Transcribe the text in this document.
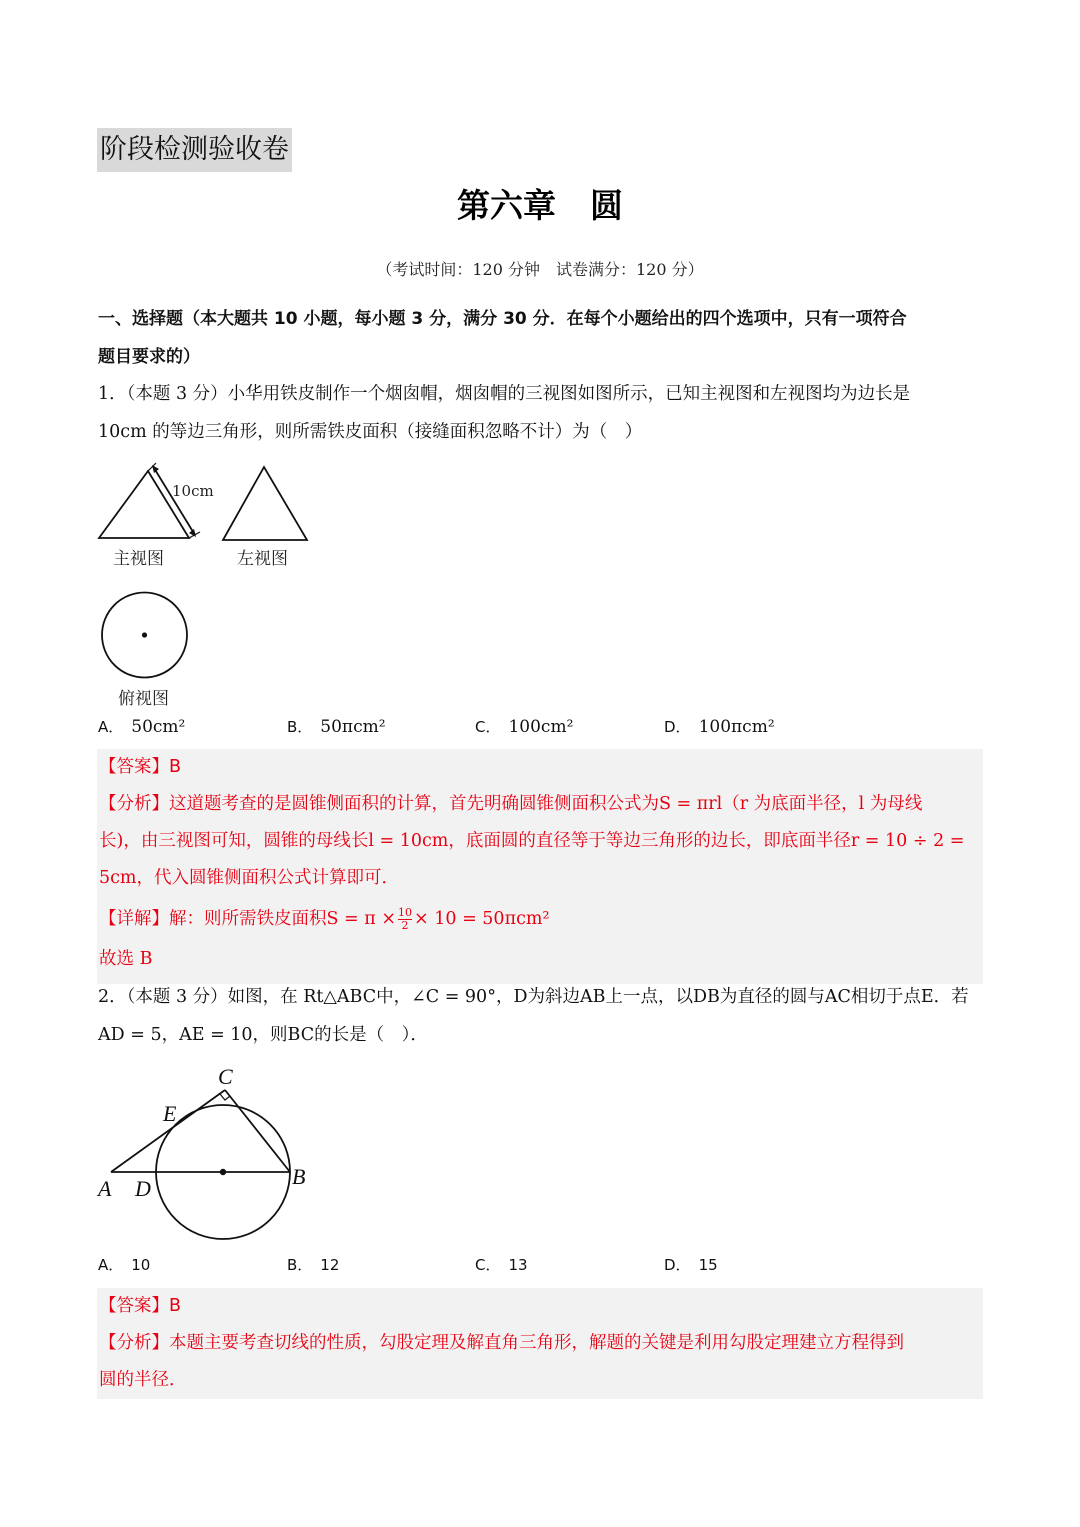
阶段检测验收卷
第六章 圆
（考试时间：120 分钟　试卷满分：120 分）
一、选择题（本大题共 10 小题，每小题 3 分，满分 30 分．在每个小题给出的四个选项中，只有一项符合
题目要求的）
1．（本题 3 分）小华用铁皮制作一个烟囱帽，烟囱帽的三视图如图所示，已知主视图和左视图均为边长是
10cm 的等边三角形，则所需铁皮面积（接缝面积忽略不计）为（　）
10cm
主视图	左视图
俯视图
A． 50cm²	B． 50πcm²	C． 100cm²	D． 100πcm²
【答案】B
【分析】这道题考查的是圆锥侧面积的计算，首先明确圆锥侧面积公式为S = πrl（r 为底面半径，l 为母线
长)，由三视图可知，圆锥的母线长l = 10cm，底面圆的直径等于等边三角形的边长，即底面半径r = 10 ÷ 2 =
5cm，代入圆锥侧面积公式计算即可．
【详解】解：则所需铁皮面积$S = \pi \times \frac{10}{2} \times 10 = 50\pi cm^2$
故选 B
2．（本题 3 分）如图，在 Rt△ABC中，∠C = 90°，D为斜边AB上一点，以DB为直径的圆与AC相切于点E．若
AD = 5，AE = 10，则BC的长是（　）．
C
E
A D	B
A． 10	B． 12	C． 13	D． 15
【答案】B
【分析】本题主要考查切线的性质，勾股定理及解直角三角形，解题的关键是利用勾股定理建立方程得到
圆的半径．
